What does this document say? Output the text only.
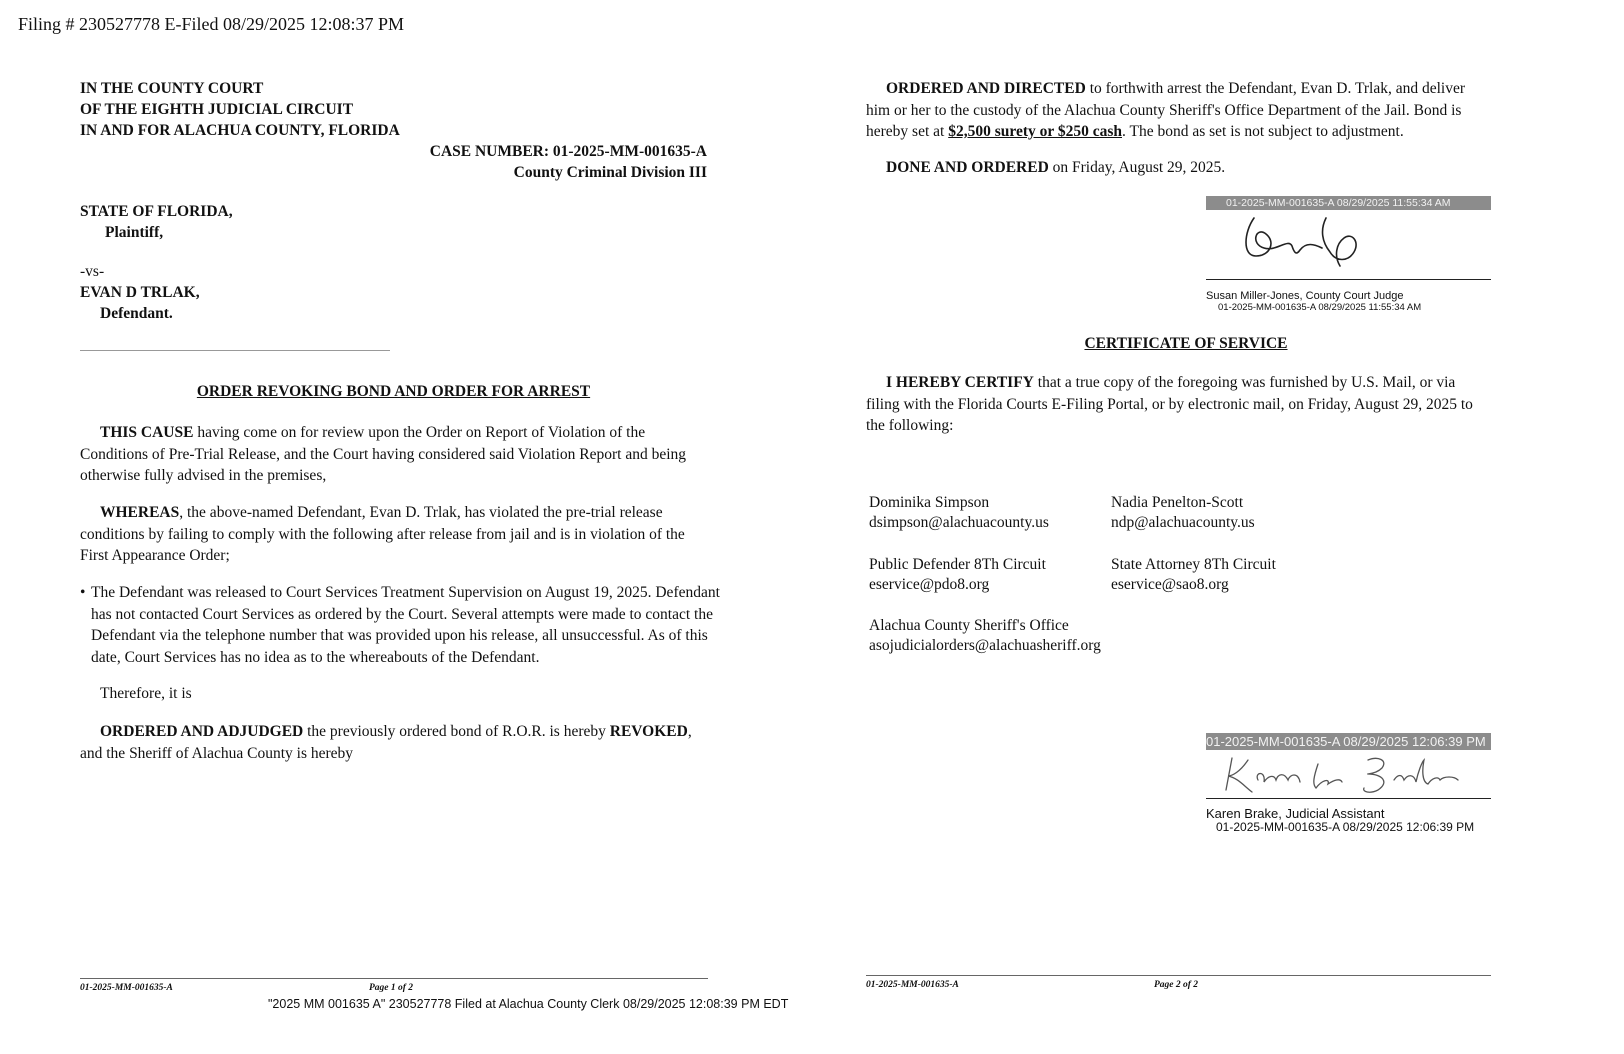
Filing # 230527778 E-Filed 08/29/2025 12:08:37 PM
IN THE COUNTY COURT
OF THE EIGHTH JUDICIAL CIRCUIT
IN AND FOR ALACHUA COUNTY, FLORIDA
CASE NUMBER: 01-2025-MM-001635-A
County Criminal Division III
STATE OF FLORIDA,
Plaintiff,
-vs-
EVAN D TRLAK,
Defendant.
ORDER REVOKING BOND AND ORDER FOR ARREST
THIS CAUSE having come on for review upon the Order on Report of Violation of the Conditions of Pre-Trial Release, and the Court having considered said Violation Report and being otherwise fully advised in the premises,
WHEREAS, the above-named Defendant, Evan D. Trlak, has violated the pre-trial release conditions by failing to comply with the following after release from jail and is in violation of the First Appearance Order;
• The Defendant was released to Court Services Treatment Supervision on August 19, 2025. Defendant has not contacted Court Services as ordered by the Court. Several attempts were made to contact the Defendant via the telephone number that was provided upon his release, all unsuccessful. As of this date, Court Services has no idea as to the whereabouts of the Defendant.
Therefore, it is
ORDERED AND ADJUDGED the previously ordered bond of R.O.R. is hereby REVOKED, and the Sheriff of Alachua County is hereby
01-2025-MM-001635-A	Page 1 of 2
"2025 MM 001635 A" 230527778 Filed at Alachua County Clerk 08/29/2025 12:08:39 PM EDT
ORDERED AND DIRECTED to forthwith arrest the Defendant, Evan D. Trlak, and deliver him or her to the custody of the Alachua County Sheriff's Office Department of the Jail. Bond is hereby set at $2,500 surety or $250 cash. The bond as set is not subject to adjustment.
DONE AND ORDERED on Friday, August 29, 2025.
01-2025-MM-001635-A 08/29/2025 11:55:34 AM
Susan Miller-Jones, County Court Judge
01-2025-MM-001635-A 08/29/2025 11:55:34 AM
CERTIFICATE OF SERVICE
I HEREBY CERTIFY that a true copy of the foregoing was furnished by U.S. Mail, or via filing with the Florida Courts E-Filing Portal, or by electronic mail, on Friday, August 29, 2025 to the following:
Dominika Simpson
dsimpson@alachuacounty.us
Nadia Penelton-Scott
ndp@alachuacounty.us
Public Defender 8Th Circuit
eservice@pdo8.org
State Attorney 8Th Circuit
eservice@sao8.org
Alachua County Sheriff's Office
asojudicialorders@alachuasheriff.org
01-2025-MM-001635-A 08/29/2025 12:06:39 PM
Karen Brake, Judicial Assistant
01-2025-MM-001635-A 08/29/2025 12:06:39 PM
01-2025-MM-001635-A	Page 2 of 2
